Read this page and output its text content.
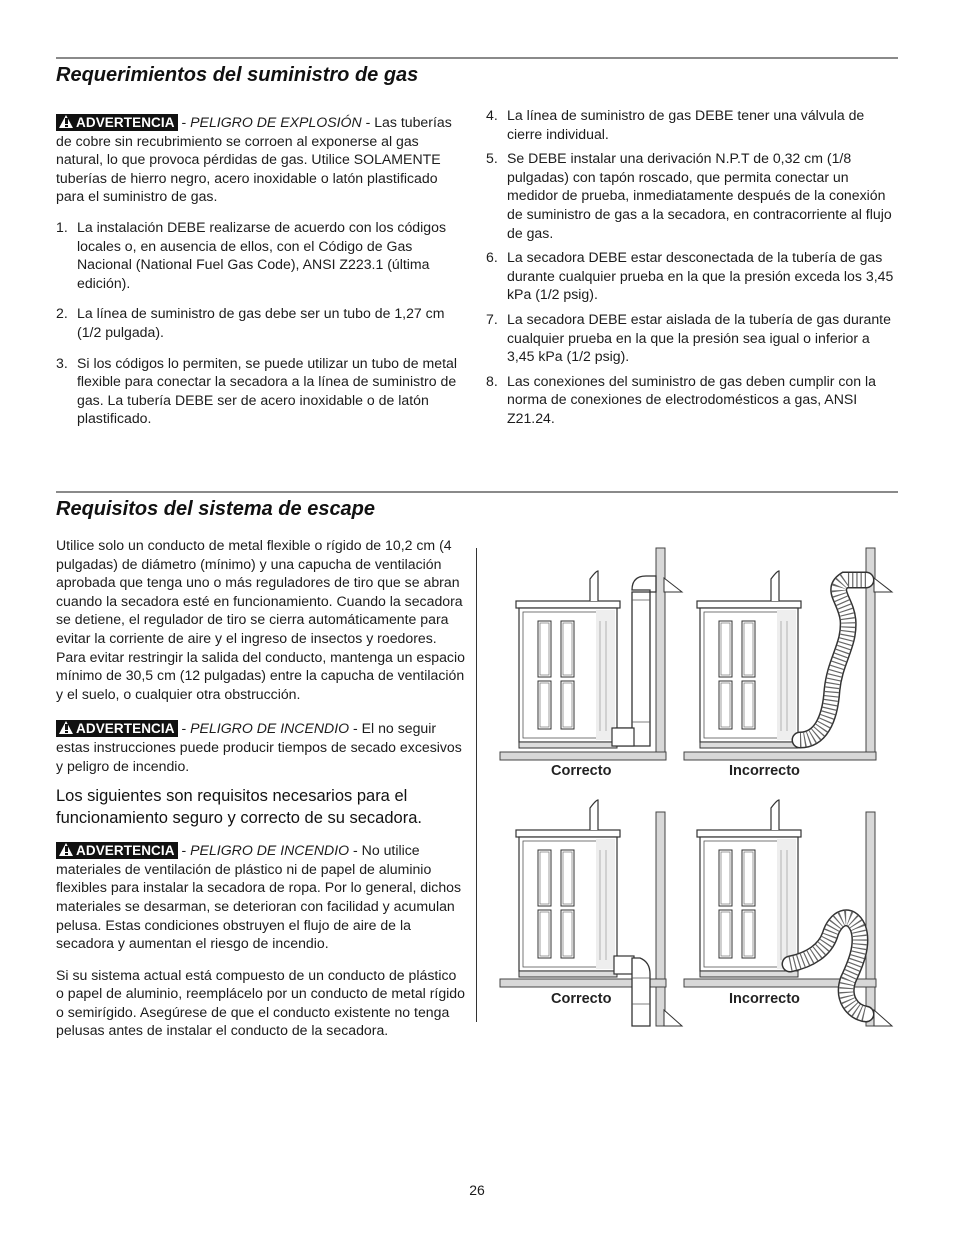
Requerimientos del suministro de gas

ADVERTENCIA - PELIGRO DE EXPLOSIÓN - Las tuberías de cobre sin recubrimiento se corroen al exponerse al gas natural, lo que provoca pérdidas de gas. Utilice SOLAMENTE tuberías de hierro negro, acero inoxidable o latón plastificado para el suministro de gas.

1. La instalación DEBE realizarse de acuerdo con los códigos locales o, en ausencia de ellos, con el Código de Gas Nacional (National Fuel Gas Code), ANSI Z223.1 (última edición).
2. La línea de suministro de gas debe ser un tubo de 1,27 cm (1/2 pulgada).
3. Si los códigos lo permiten, se puede utilizar un tubo de metal flexible para conectar la secadora a la línea de suministro de gas. La tubería DEBE ser de acero inoxidable o de latón plastificado.
4. La línea de suministro de gas DEBE tener una válvula de cierre individual.
5. Se DEBE instalar una derivación N.P.T de 0,32 cm (1/8 pulgadas) con tapón roscado, que permita conectar un medidor de prueba, inmediatamente después de la conexión de suministro de gas a la secadora, en contracorriente al flujo de gas.
6. La secadora DEBE estar desconectada de la tubería de gas durante cualquier prueba en la que la presión exceda los 3,45 kPa (1/2 psig).
7. La secadora DEBE estar aislada de la tubería de gas durante cualquier prueba en la que la presión sea igual o inferior a 3,45 kPa (1/2 psig).
8. Las conexiones del suministro de gas deben cumplir con la norma de conexiones de electrodomésticos a gas, ANSI Z21.24.
Requisitos del sistema de escape

Utilice solo un conducto de metal flexible o rígido de 10,2 cm (4 pulgadas) de diámetro (mínimo) y una capucha de ventilación aprobada que tenga uno o más reguladores de tiro que se abran cuando la secadora esté en funcionamiento. Cuando la secadora se detiene, el regulador de tiro se cierra automáticamente para evitar la corriente de aire y el ingreso de insectos y roedores. Para evitar restringir la salida del conducto, mantenga un espacio mínimo de 30,5 cm (12 pulgadas) entre la capucha de ventilación y el suelo, o cualquier otra obstrucción.

ADVERTENCIA - PELIGRO DE INCENDIO - El no seguir estas instrucciones puede producir tiempos de secado excesivos y peligro de incendio.

Los siguientes son requisitos necesarios para el funcionamiento seguro y correcto de su secadora.

ADVERTENCIA - PELIGRO DE INCENDIO - No utilice materiales de ventilación de plástico ni de papel de aluminio flexibles para instalar la secadora de ropa. Por lo general, dichos materiales se desarman, se deterioran con facilidad y acumulan pelusa. Estas condiciones obstruyen el flujo de aire de la secadora y aumentan el riesgo de incendio.

Si su sistema actual está compuesto de un conducto de plástico o papel de aluminio, reemplácelo por un conducto de metal rígido o semirígido. Asegúrese de que el conducto existente no tenga pelusas antes de instalar el conducto de la secadora.

Correcto	Incorrecto
Correcto	Incorrecto
26
